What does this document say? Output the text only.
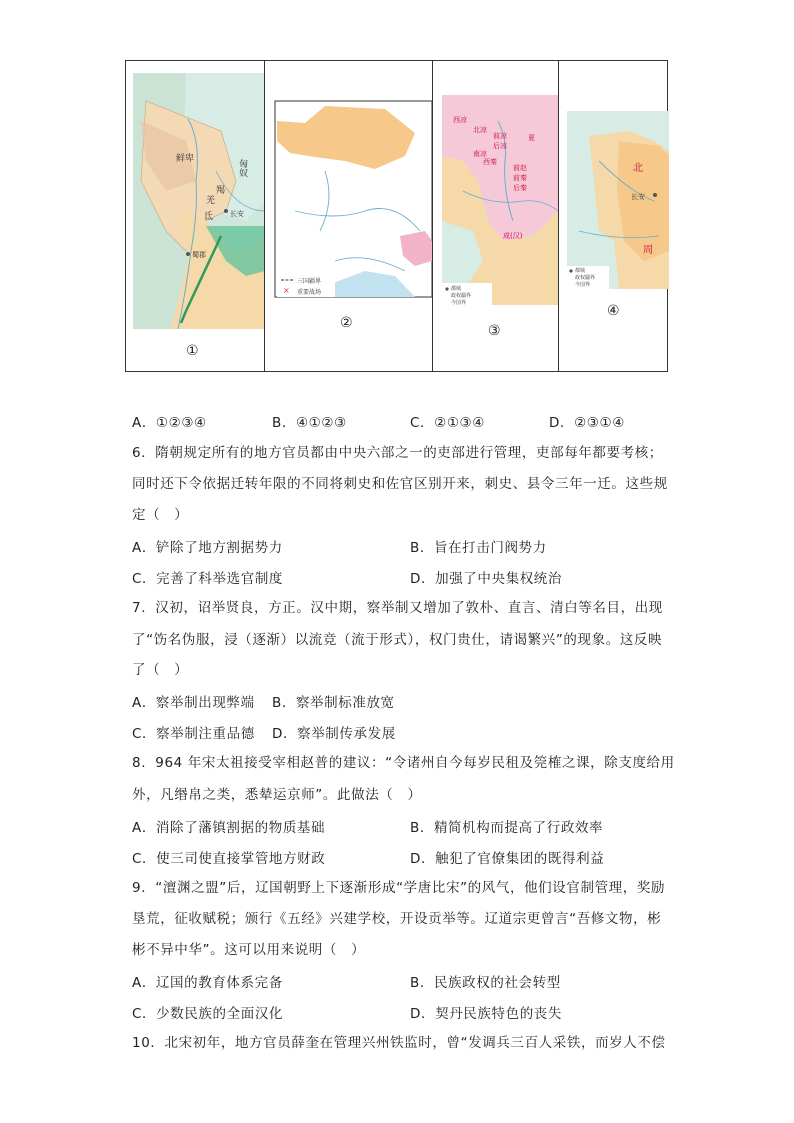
鲜卑	匈奴
羯
羌
氐 长安
蜀郡
①
×
三国疆界
重要战场
②
西凉
北凉
前凉
后凉
夏
南凉
西秦
前赵
前秦
后秦
成(汉)
都城
政权疆界
今国界
③
北
周
长安
都城
政权疆界
今国界
④
A．①②③④	B．④①②③	C．②①③④	D．②③①④
6．隋朝规定所有的地方官员都由中央六部之一的吏部进行管理，吏部每年都要考核；
同时还下令依据迁转年限的不同将刺史和佐官区别开来，刺史、县令三年一迁。这些规
定（　）
A．铲除了地方割据势力	B．旨在打击门阀势力
C．完善了科举选官制度	D．加强了中央集权统治
7．汉初，诏举贤良，方正。汉中期，察举制又增加了敦朴、直言、清白等名目，出现
了“饬名伪服，浸（逐渐）以流竞（流于形式），权门贵仕，请谒繁兴”的现象。这反映
了（　）
A．察举制出现弊端 B．察举制标准放宽
C．察举制注重品德 D．察举制传承发展
8．964 年宋太祖接受宰相赵普的建议：“令诸州自今每岁民租及筦榷之课，除支度给用
外，凡缗帛之类，悉辇运京师”。此做法（　）
A．消除了藩镇割据的物质基础	B．精简机构而提高了行政效率
C．使三司使直接掌管地方财政	D．触犯了官僚集团的既得利益
9．“澶渊之盟”后，辽国朝野上下逐渐形成“学唐比宋”的风气，他们设官制管理，奖励
垦荒，征收赋税；颁行《五经》兴建学校，开设贡举等。辽道宗更曾言“吾修文物，彬
彬不异中华”。这可以用来说明（　）
A．辽国的教育体系完备	B．民族政权的社会转型
C．少数民族的全面汉化	D．契丹民族特色的丧失
10．北宋初年，地方官员薛奎在管理兴州铁监时，曾“发调兵三百人采铁，而岁人不偿
